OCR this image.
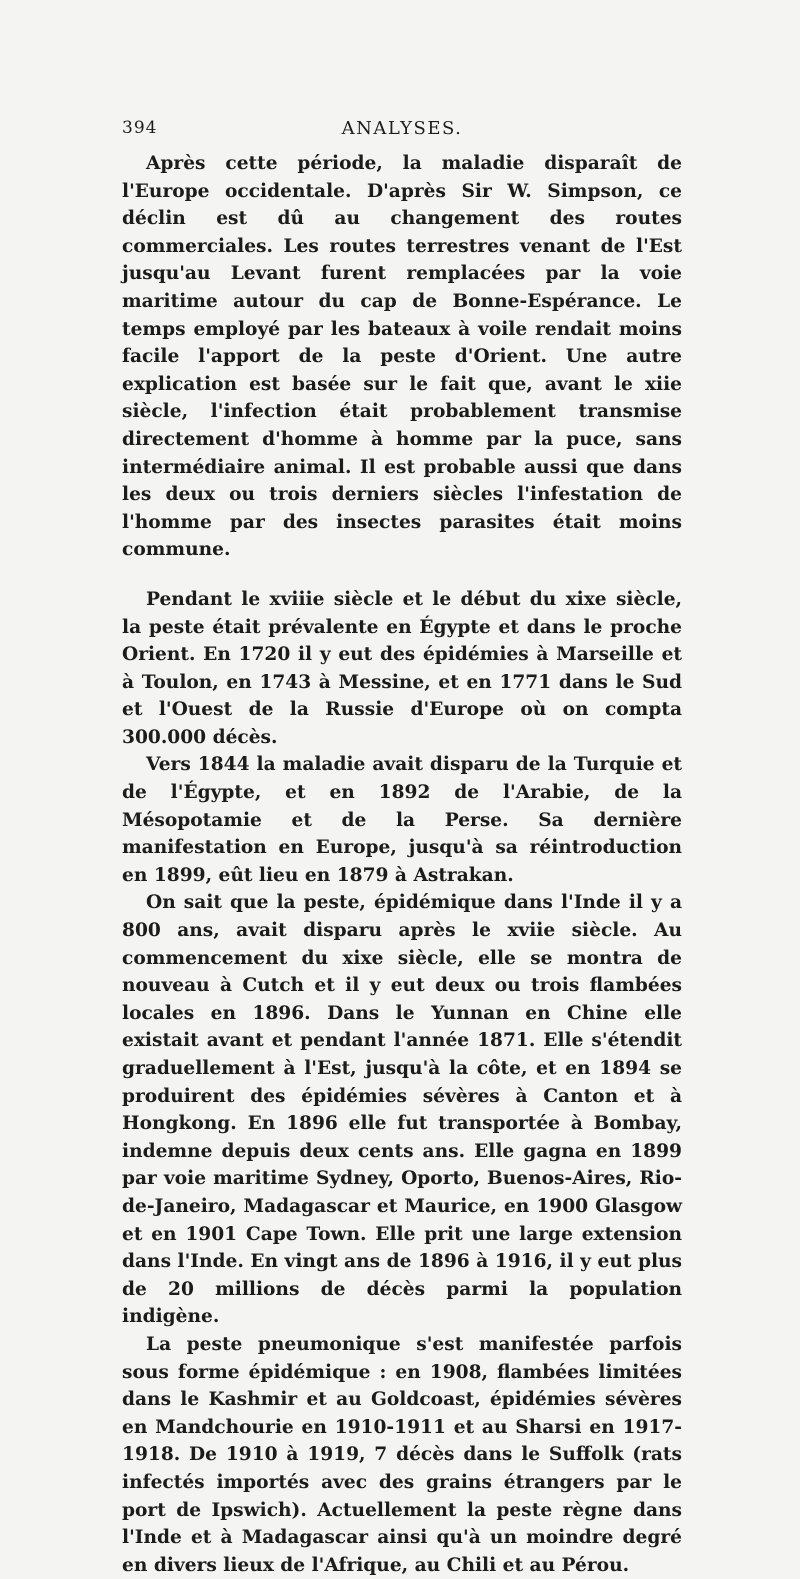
394	ANALYSES.

Après cette période, la maladie disparaît de l'Europe occidentale. D'après Sir W. Simpson, ce déclin est dû au changement des routes commerciales. Les routes terrestres venant de l'Est jusqu'au Levant furent remplacées par la voie maritime autour du cap de Bonne-Espérance. Le temps employé par les bateaux à voile rendait moins facile l'apport de la peste d'Orient. Une autre explication est basée sur le fait que, avant le xiie siècle, l'infection était probablement transmise directement d'homme à homme par la puce, sans intermédiaire animal. Il est probable aussi que dans les deux ou trois derniers siècles l'infestation de l'homme par des insectes parasites était moins commune.

Pendant le xviiie siècle et le début du xixe siècle, la peste était prévalente en Égypte et dans le proche Orient. En 1720 il y eut des épidémies à Marseille et à Toulon, en 1743 à Messine, et en 1771 dans le Sud et l'Ouest de la Russie d'Europe où on compta 300.000 décès.

Vers 1844 la maladie avait disparu de la Turquie et de l'Égypte, et en 1892 de l'Arabie, de la Mésopotamie et de la Perse. Sa dernière manifestation en Europe, jusqu'à sa réintroduction en 1899, eût lieu en 1879 à Astrakan.

On sait que la peste, épidémique dans l'Inde il y a 800 ans, avait disparu après le xviie siècle. Au commencement du xixe siècle, elle se montra de nouveau à Cutch et il y eut deux ou trois flambées locales en 1896. Dans le Yunnan en Chine elle existait avant et pendant l'année 1871. Elle s'étendit graduellement à l'Est, jusqu'à la côte, et en 1894 se produirent des épidémies sévères à Canton et à Hongkong. En 1896 elle fut transportée à Bombay, indemne depuis deux cents ans. Elle gagna en 1899 par voie maritime Sydney, Oporto, Buenos-Aires, Rio-de-Janeiro, Madagascar et Maurice, en 1900 Glasgow et en 1901 Cape Town. Elle prit une large extension dans l'Inde. En vingt ans de 1896 à 1916, il y eut plus de 20 millions de décès parmi la population indigène.

La peste pneumonique s'est manifestée parfois sous forme épidémique : en 1908, flambées limitées dans le Kashmir et au Goldcoast, épidémies sévères en Mandchourie en 1910-1911 et au Sharsi en 1917-1918. De 1910 à 1919, 7 décès dans le Suffolk (rats infectés importés avec des grains étrangers par le port de Ipswich). Actuellement la peste règne dans l'Inde et à Madagascar ainsi qu'à un moindre degré en divers lieux de l'Afrique, au Chili et au Pérou.
